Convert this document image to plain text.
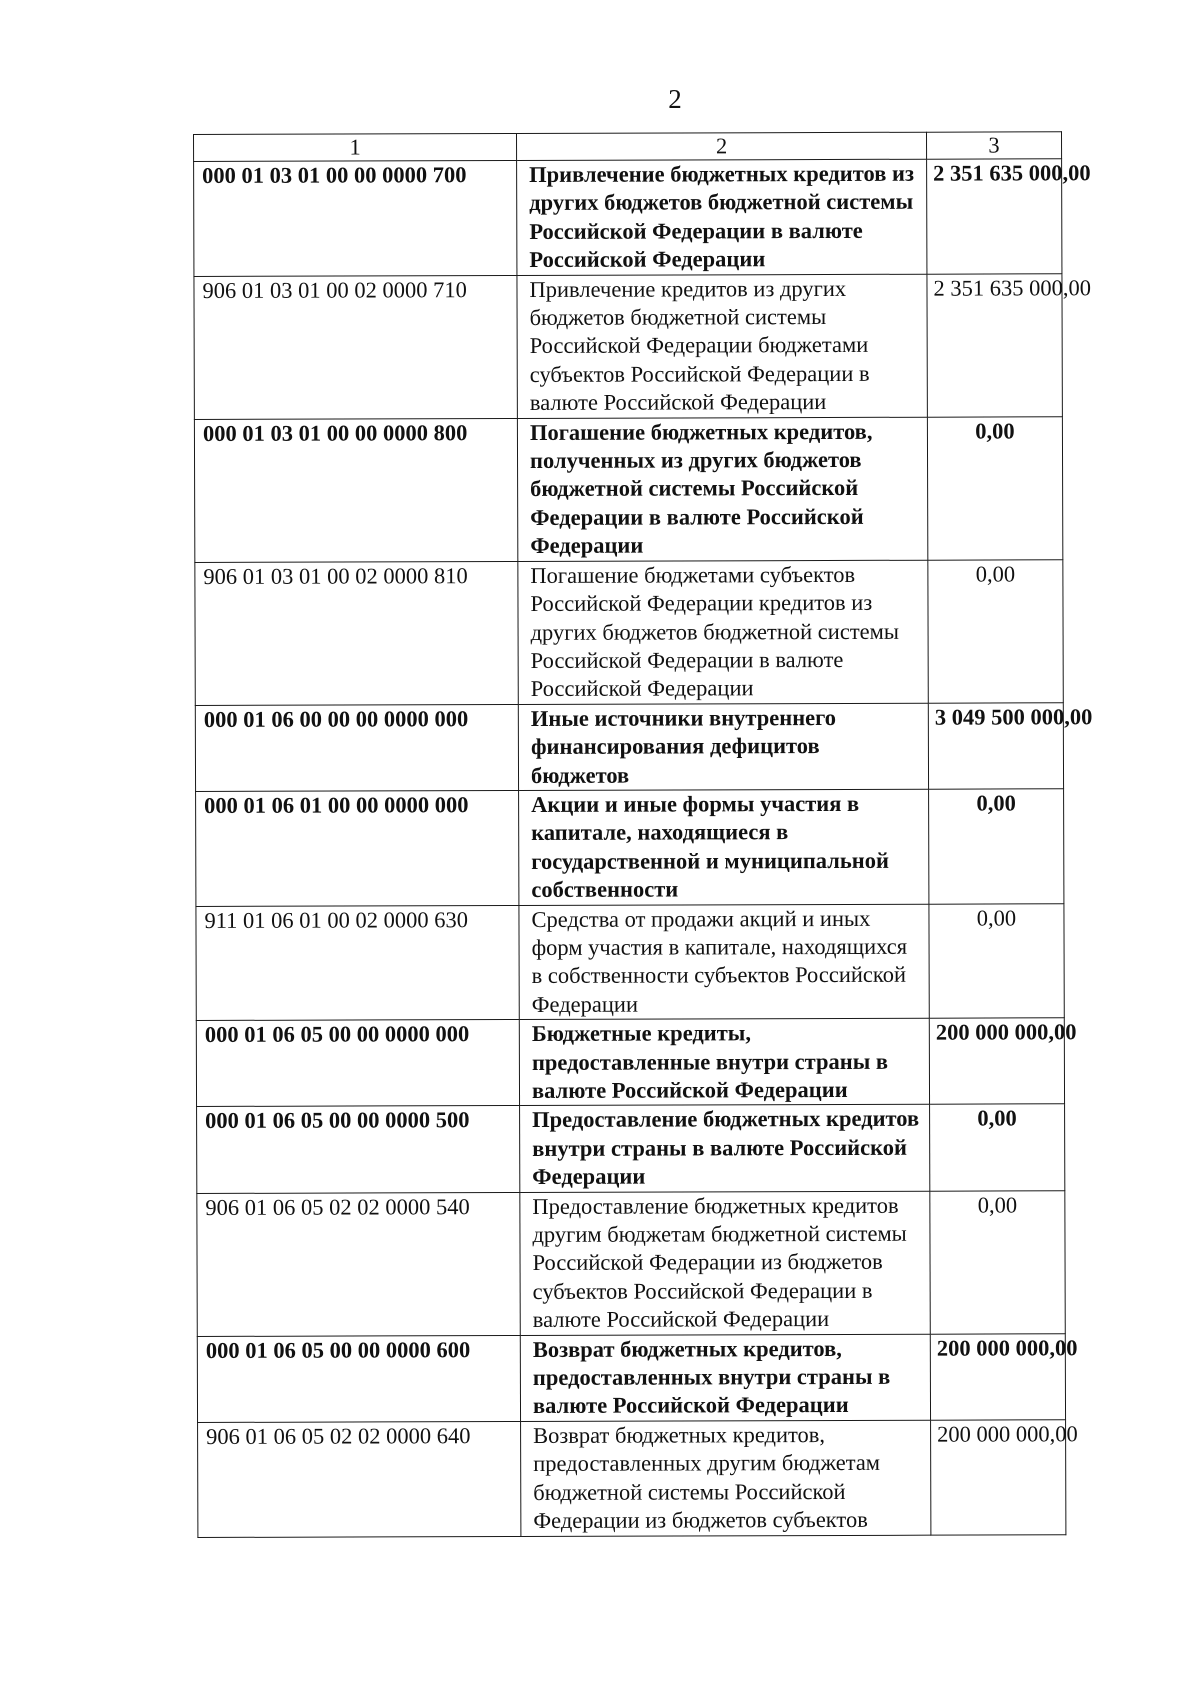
2
1	2	3
000 01 03 01 00 00 0000 700	Привлечение бюджетных кредитов из других бюджетов бюджетной системы Российской Федерации в валюте Российской Федерации	2 351 635 000,00
906 01 03 01 00 02 0000 710	Привлечение кредитов из других бюджетов бюджетной системы Российской Федерации бюджетами субъектов Российской Федерации в валюте Российской Федерации	2 351 635 000,00
000 01 03 01 00 00 0000 800	Погашение бюджетных кредитов, полученных из других бюджетов бюджетной системы Российской Федерации в валюте Российской Федерации	0,00
906 01 03 01 00 02 0000 810	Погашение бюджетами субъектов Российской Федерации кредитов из других бюджетов бюджетной системы Российской Федерации в валюте Российской Федерации	0,00
000 01 06 00 00 00 0000 000	Иные источники внутреннего финансирования дефицитов бюджетов	3 049 500 000,00
000 01 06 01 00 00 0000 000	Акции и иные формы участия в капитале, находящиеся в государственной и муниципальной собственности	0,00
911 01 06 01 00 02 0000 630	Средства от продажи акций и иных форм участия в капитале, находящихся в собственности субъектов Российской Федерации	0,00
000 01 06 05 00 00 0000 000	Бюджетные кредиты, предоставленные внутри страны в валюте Российской Федерации	200 000 000,00
000 01 06 05 00 00 0000 500	Предоставление бюджетных кредитов внутри страны в валюте Российской Федерации	0,00
906 01 06 05 02 02 0000 540	Предоставление бюджетных кредитов другим бюджетам бюджетной системы Российской Федерации из бюджетов субъектов Российской Федерации в валюте Российской Федерации	0,00
000 01 06 05 00 00 0000 600	Возврат бюджетных кредитов, предоставленных внутри страны в валюте Российской Федерации	200 000 000,00
906 01 06 05 02 02 0000 640	Возврат бюджетных кредитов, предоставленных другим бюджетам бюджетной системы Российской Федерации из бюджетов субъектов	200 000 000,00
